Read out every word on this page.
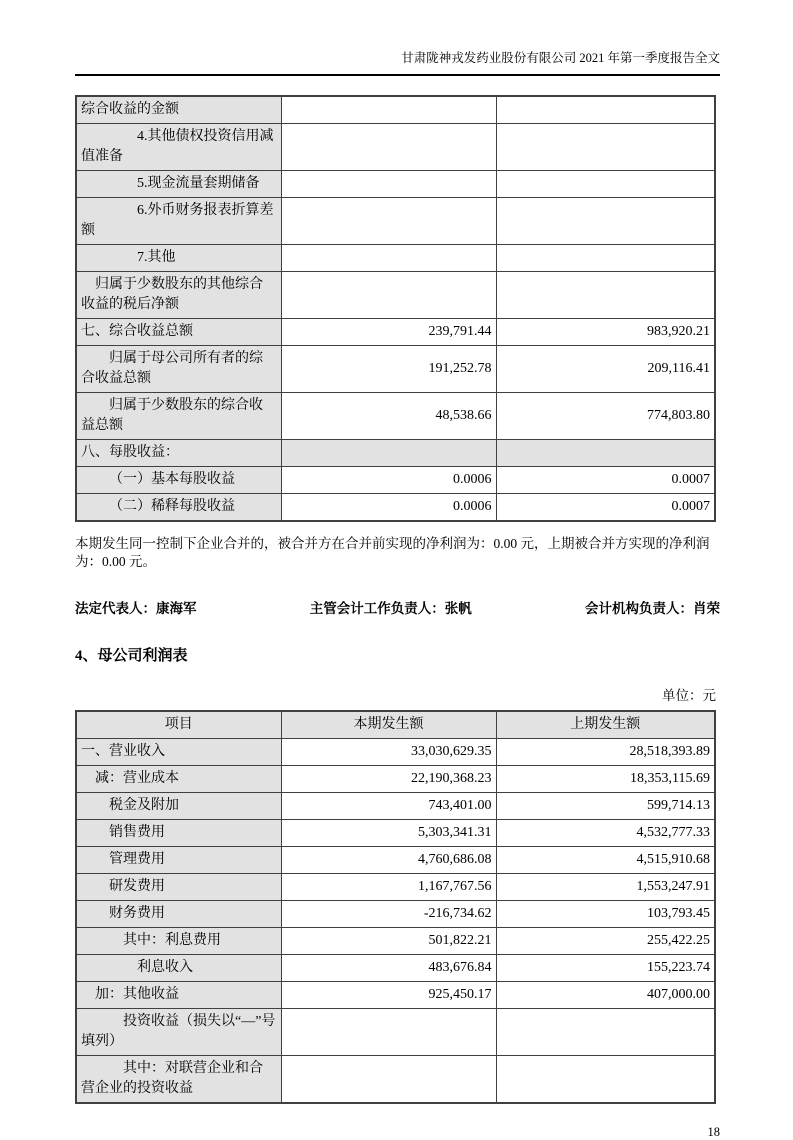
甘肃陇神戎发药业股份有限公司 2021 年第一季度报告全文
综合收益的金额		
4.其他债权投资信用减值准备		
5.现金流量套期储备		
6.外币财务报表折算差额		
7.其他		
归属于少数股东的其他综合收益的税后净额		
七、综合收益总额	239,791.44	983,920.21
归属于母公司所有者的综合收益总额	191,252.78	209,116.41
归属于少数股东的综合收益总额	48,538.66	774,803.80
八、每股收益：		
（一）基本每股收益	0.0006	0.0007
（二）稀释每股收益	0.0006	0.0007
本期发生同一控制下企业合并的，被合并方在合并前实现的净利润为：0.00 元，上期被合并方实现的净利润为：0.00 元。
法定代表人：康海军	主管会计工作负责人：张帆	会计机构负责人：肖荣
4、母公司利润表
单位：元
项目	本期发生额	上期发生额
一、营业收入	33,030,629.35	28,518,393.89
减：营业成本	22,190,368.23	18,353,115.69
税金及附加	743,401.00	599,714.13
销售费用	5,303,341.31	4,532,777.33
管理费用	4,760,686.08	4,515,910.68
研发费用	1,167,767.56	1,553,247.91
财务费用	-216,734.62	103,793.45
其中：利息费用	501,822.21	255,422.25
利息收入	483,676.84	155,223.74
加：其他收益	925,450.17	407,000.00
投资收益（损失以“—”号填列）		
其中：对联营企业和合营企业的投资收益		
18
